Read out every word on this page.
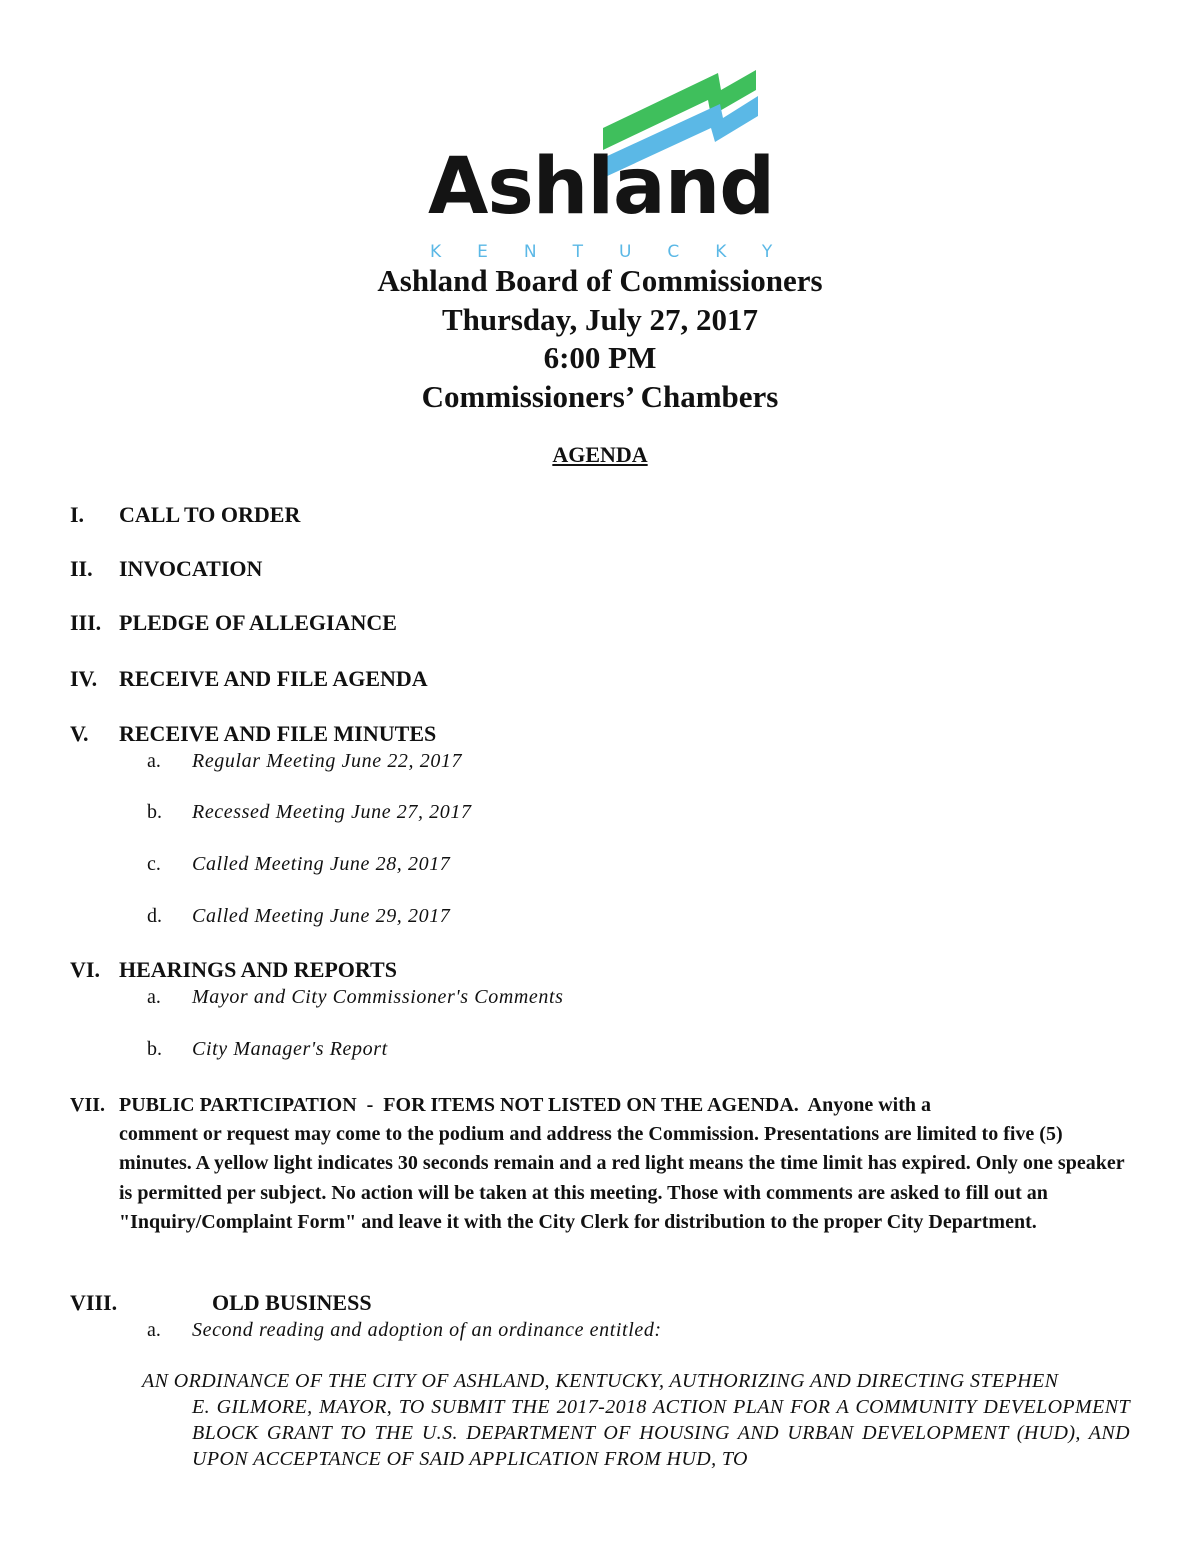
Ashland
KENTUCKY
Ashland Board of Commissioners
Thursday, July 27, 2017
6:00 PM
Commissioners’ Chambers
AGENDA
I. CALL TO ORDER
II. INVOCATION
III. PLEDGE OF ALLEGIANCE
IV. RECEIVE AND FILE AGENDA
V. RECEIVE AND FILE MINUTES
a. Regular Meeting June 22, 2017
b. Recessed Meeting June 27, 2017
c. Called Meeting June 28, 2017
d. Called Meeting June 29, 2017
VI. HEARINGS AND REPORTS
a. Mayor and City Commissioner's Comments
b. City Manager's Report
VII. PUBLIC PARTICIPATION  -  FOR ITEMS NOT LISTED ON THE AGENDA.  Anyone with a
comment or request may come to the podium and address the Commission. Presentations are limited to five (5) minutes. A yellow light indicates 30 seconds remain and a red light means the time limit has expired. Only one speaker is permitted per subject. No action will be taken at this meeting. Those with comments are asked to fill out an "Inquiry/Complaint Form" and leave it with the City Clerk for distribution to the proper City Department.
VIII.	OLD BUSINESS
a. Second reading and adoption of an ordinance entitled:
AN ORDINANCE OF THE CITY OF ASHLAND, KENTUCKY, AUTHORIZING AND DIRECTING STEPHEN
E. GILMORE, MAYOR, TO SUBMIT THE 2017-2018 ACTION PLAN FOR A COMMUNITY DEVELOPMENT BLOCK GRANT TO THE U.S. DEPARTMENT OF HOUSING AND URBAN DEVELOPMENT (HUD), AND UPON ACCEPTANCE OF SAID APPLICATION FROM HUD, TO
